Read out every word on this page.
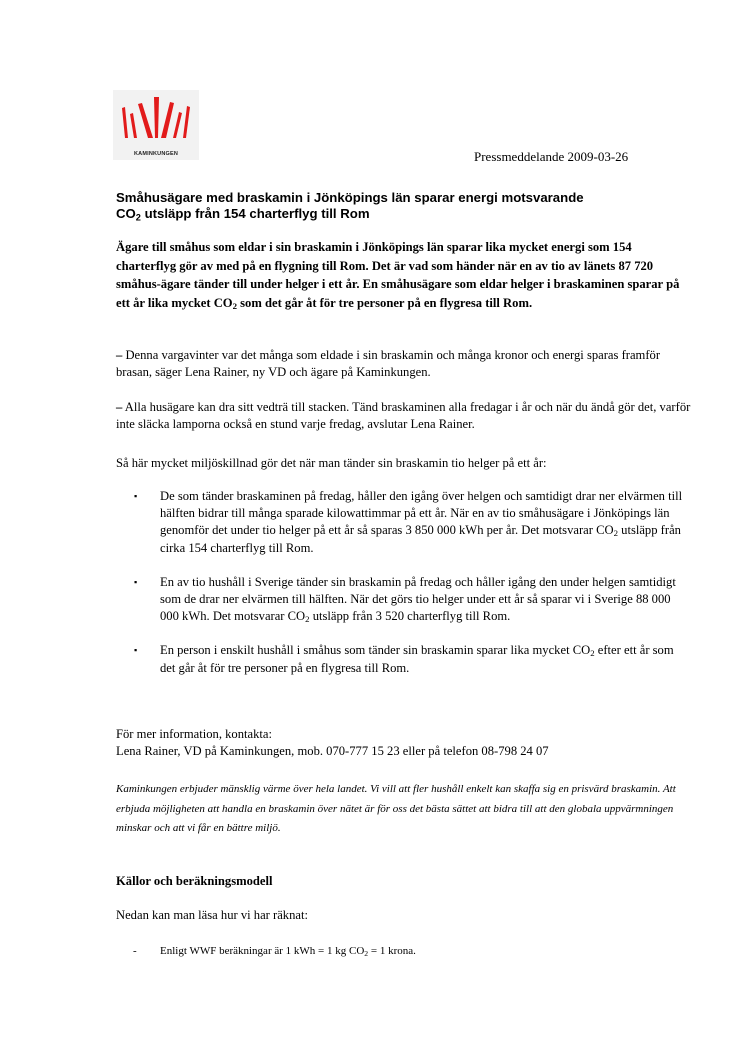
KAMINKUNGEN	Pressmeddelande 2009-03-26
Småhusägare med braskamin i Jönköpings län sparar energi motsvarande
$CO_2$ utsläpp från 154 charterflyg till Rom
Ägare till småhus som eldar i sin braskamin i Jönköpings län sparar lika mycket energi som 154 charterflyg gör av med på en flygning till Rom. Det är vad som händer när en av tio av länets 87 720 småhus-ägare tänder till under helger i ett år. En småhusägare som eldar helger i braskaminen sparar på ett år lika mycket $CO_2$ som det går åt för tre personer på en flygresa till Rom.
– Denna vargavinter var det många som eldade i sin braskamin och många kronor och energi sparas framför brasan, säger Lena Rainer, ny VD och ägare på Kaminkungen.
– Alla husägare kan dra sitt vedträ till stacken. Tänd braskaminen alla fredagar i år och när du ändå gör det, varför inte släcka lamporna också en stund varje fredag, avslutar Lena Rainer.
Så här mycket miljöskillnad gör det när man tänder sin braskamin tio helger på ett år:
▪ De som tänder braskaminen på fredag, håller den igång över helgen och samtidigt drar ner elvärmen till hälften bidrar till många sparade kilowattimmar på ett år. När en av tio småhusägare i Jönköpings län genomför det under tio helger på ett år så sparas 3 850 000 kWh per år. Det motsvarar $CO_2$ utsläpp från cirka 154 charterflyg till Rom.
▪ En av tio hushåll i Sverige tänder sin braskamin på fredag och håller igång den under helgen samtidigt som de drar ner elvärmen till hälften. När det görs tio helger under ett år så sparar vi i Sverige 88 000 000 kWh. Det motsvarar $CO_2$ utsläpp från 3 520 charterflyg till Rom.
▪ En person i enskilt hushåll i småhus som tänder sin braskamin sparar lika mycket $CO_2$ efter ett år som det går åt för tre personer på en flygresa till Rom.
För mer information, kontakta:
Lena Rainer, VD på Kaminkungen, mob. 070-777 15 23 eller på telefon 08-798 24 07
Kaminkungen erbjuder mänsklig värme över hela landet. Vi vill att fler hushåll enkelt kan skaffa sig en prisvärd braskamin. Att erbjuda möjligheten att handla en braskamin över nätet är för oss det bästa sättet att bidra till att den globala uppvärmningen minskar och att vi får en bättre miljö.
Källor och beräkningsmodell
Nedan kan man läsa hur vi har räknat:
- Enligt WWF beräkningar är 1 kWh = 1 kg $CO_2 = 1$ krona.
